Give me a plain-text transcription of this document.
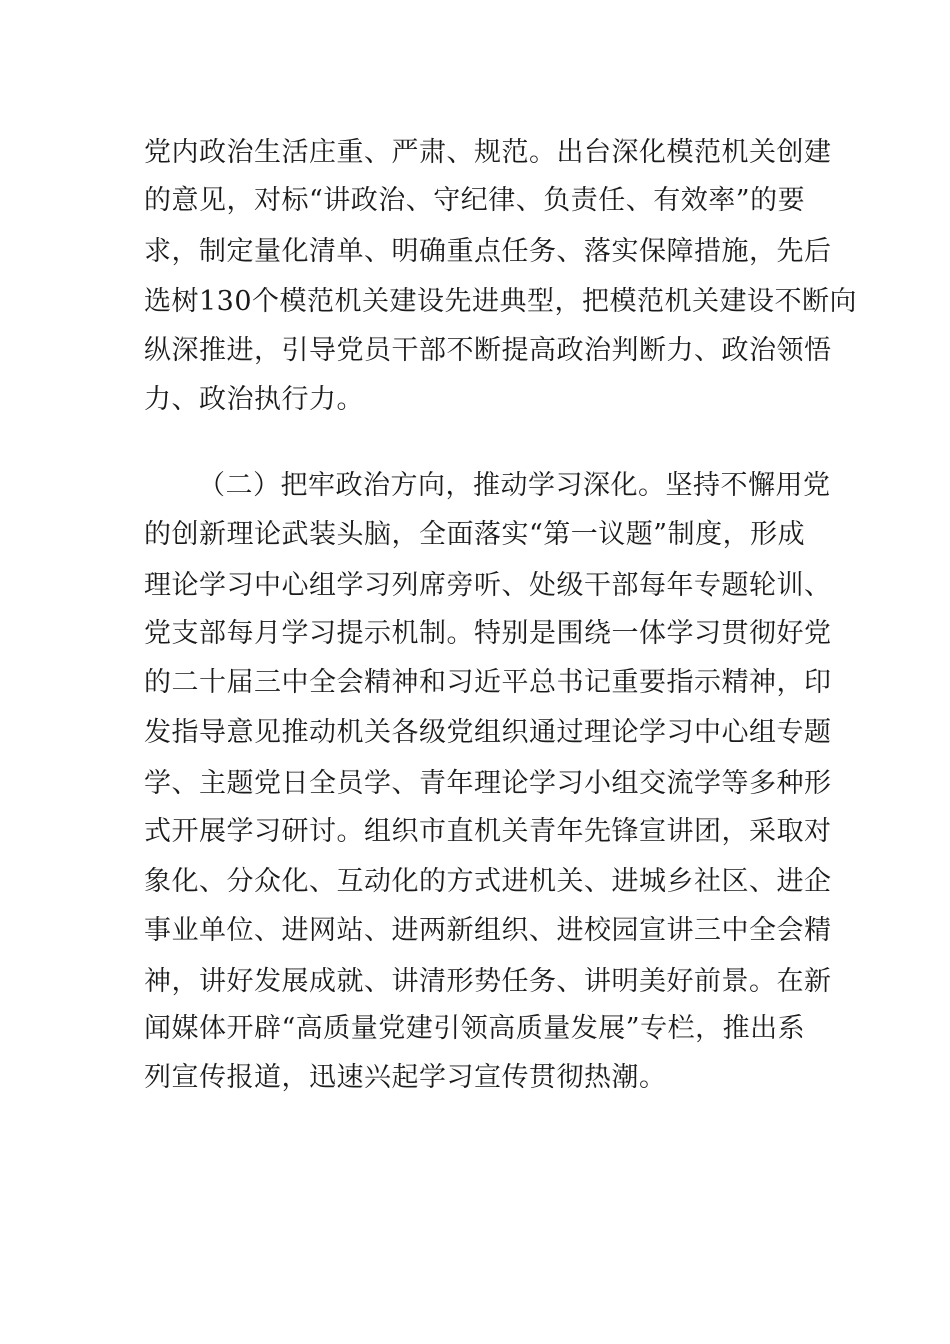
党内政治生活庄重、严肃、规范。出台深化模范机关创建
的意见，对标“讲政治、守纪律、负责任、有效率”的要
求，制定量化清单、明确重点任务、落实保障措施，先后
选树130个模范机关建设先进典型，把模范机关建设不断向
纵深推进，引导党员干部不断提高政治判断力、政治领悟
力、政治执行力。
（二）把牢政治方向，推动学习深化。坚持不懈用党
的创新理论武装头脑，全面落实“第一议题”制度，形成
理论学习中心组学习列席旁听、处级干部每年专题轮训、
党支部每月学习提示机制。特别是围绕一体学习贯彻好党
的二十届三中全会精神和习近平总书记重要指示精神，印
发指导意见推动机关各级党组织通过理论学习中心组专题
学、主题党日全员学、青年理论学习小组交流学等多种形
式开展学习研讨。组织市直机关青年先锋宣讲团，采取对
象化、分众化、互动化的方式进机关、进城乡社区、进企
事业单位、进网站、进两新组织、进校园宣讲三中全会精
神，讲好发展成就、讲清形势任务、讲明美好前景。在新
闻媒体开辟“高质量党建引领高质量发展”专栏，推出系
列宣传报道，迅速兴起学习宣传贯彻热潮。
